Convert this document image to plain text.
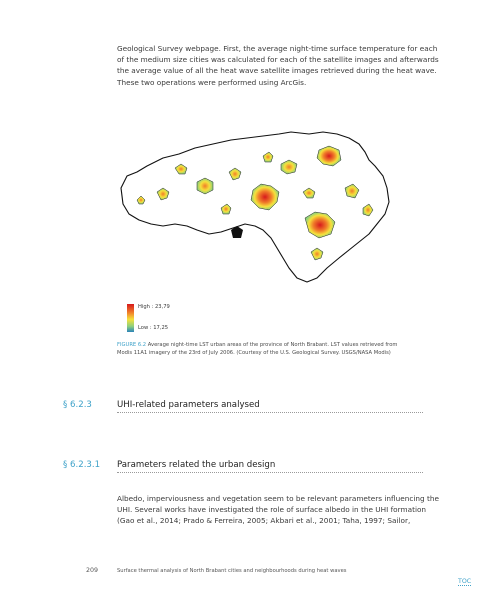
Geological Survey webpage. First, the average night-time surface temperature for each
of the medium size cities was calculated for each of the satellite images and afterwards
the average value of all the heat wave satellite images retrieved during the heat wave.
These two operations were performed using ArcGis.
High : 23,79
Low : 17,25
FIGURE 6.2 Average night-time LST urban areas of the province of North Brabant. LST values retrieved from
Modis 11A1 imagery of the 23rd of July 2006. (Courtesy of the U.S. Geological Survey. USGS/NASA Modis)
§ 6.2.3	UHI-related parameters analysed
§ 6.2.3.1 Parameters related the urban design
Albedo, imperviousness and vegetation seem to be relevant parameters influencing the
UHI. Several works have investigated the role of surface albedo in the UHI formation
(Gao et al., 2014; Prado & Ferreira, 2005; Akbari et al., 2001; Taha, 1997; Sailor,
209	Surface thermal analysis of North Brabant cities and neighbourhoods during heat waves
TOC
